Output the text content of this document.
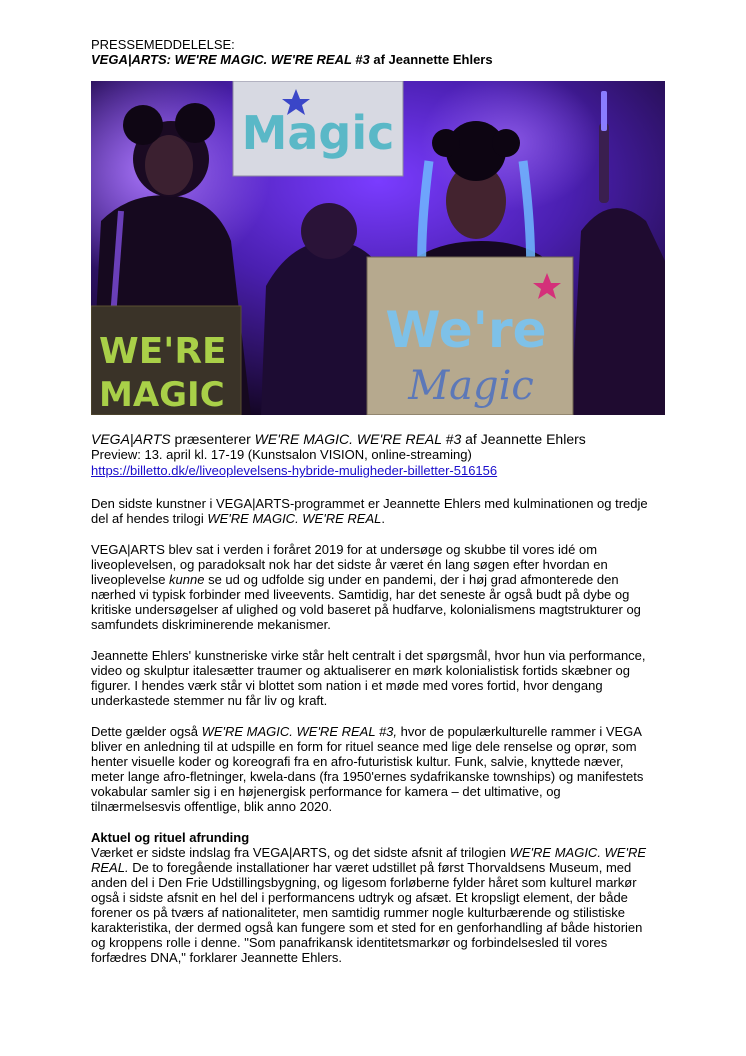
PRESSEMEDDELELSE:
VEGA|ARTS: WE'RE MAGIC. WE'RE REAL #3 af Jeannette Ehlers
Magic
WE'RE
MAGIC
We're
Magic
VEGA|ARTS præsenterer WE'RE MAGIC. WE'RE REAL #3 af Jeannette Ehlers
Preview: 13. april kl. 17-19 (Kunstsalon VISION, online-streaming)
https://billetto.dk/e/liveoplevelsens-hybride-muligheder-billetter-516156

Den sidste kunstner i VEGA|ARTS-programmet er Jeannette Ehlers med kulminationen og tredje

del af hendes trilogi WE'RE MAGIC. WE'RE REAL.

VEGA|ARTS blev sat i verden i foråret 2019 for at undersøge og skubbe til vores idé om

liveoplevelsen, og paradoksalt nok har det sidste år været én lang søgen efter hvordan en

liveoplevelse kunne se ud og udfolde sig under en pandemi, der i høj grad afmonterede den

nærhed vi typisk forbinder med liveevents. Samtidig, har det seneste år også budt på dybe og

kritiske undersøgelser af ulighed og vold baseret på hudfarve, kolonialismens magtstrukturer og

samfundets diskriminerende mekanismer.

Jeannette Ehlers' kunstneriske virke står helt centralt i det spørgsmål, hvor hun via performance,

video og skulptur italesætter traumer og aktualiserer en mørk kolonialistisk fortids skæbner og

figurer. I hendes værk står vi blottet som nation i et møde med vores fortid, hvor dengang

underkastede stemmer nu får liv og kraft.

Dette gælder også WE'RE MAGIC. WE'RE REAL #3, hvor de populærkulturelle rammer i VEGA

bliver en anledning til at udspille en form for rituel seance med lige dele renselse og oprør, som

henter visuelle koder og koreografi fra en afro-futuristisk kultur. Funk, salvie, knyttede næver,

meter lange afro-fletninger, kwela-dans (fra 1950'ernes sydafrikanske townships) og manifestets

vokabular samler sig i en højenergisk performance for kamera – det ultimative, og

tilnærmelsesvis offentlige, blik anno 2020.

Aktuel og rituel afrunding

Værket er sidste indslag fra VEGA|ARTS, og det sidste afsnit af trilogien WE'RE MAGIC. WE'RE

REAL. De to foregående installationer har været udstillet på først Thorvaldsens Museum, med

anden del i Den Frie Udstillingsbygning, og ligesom forløberne fylder håret som kulturel markør

også i sidste afsnit en hel del i performancens udtryk og afsæt. Et kropsligt element, der både

forener os på tværs af nationaliteter, men samtidig rummer nogle kulturbærende og stilistiske

karakteristika, der dermed også kan fungere som et sted for en genforhandling af både historien

og kroppens rolle i denne. "Som panafrikansk identitetsmarkør og forbindelsesled til vores

forfædres DNA," forklarer Jeannette Ehlers.
